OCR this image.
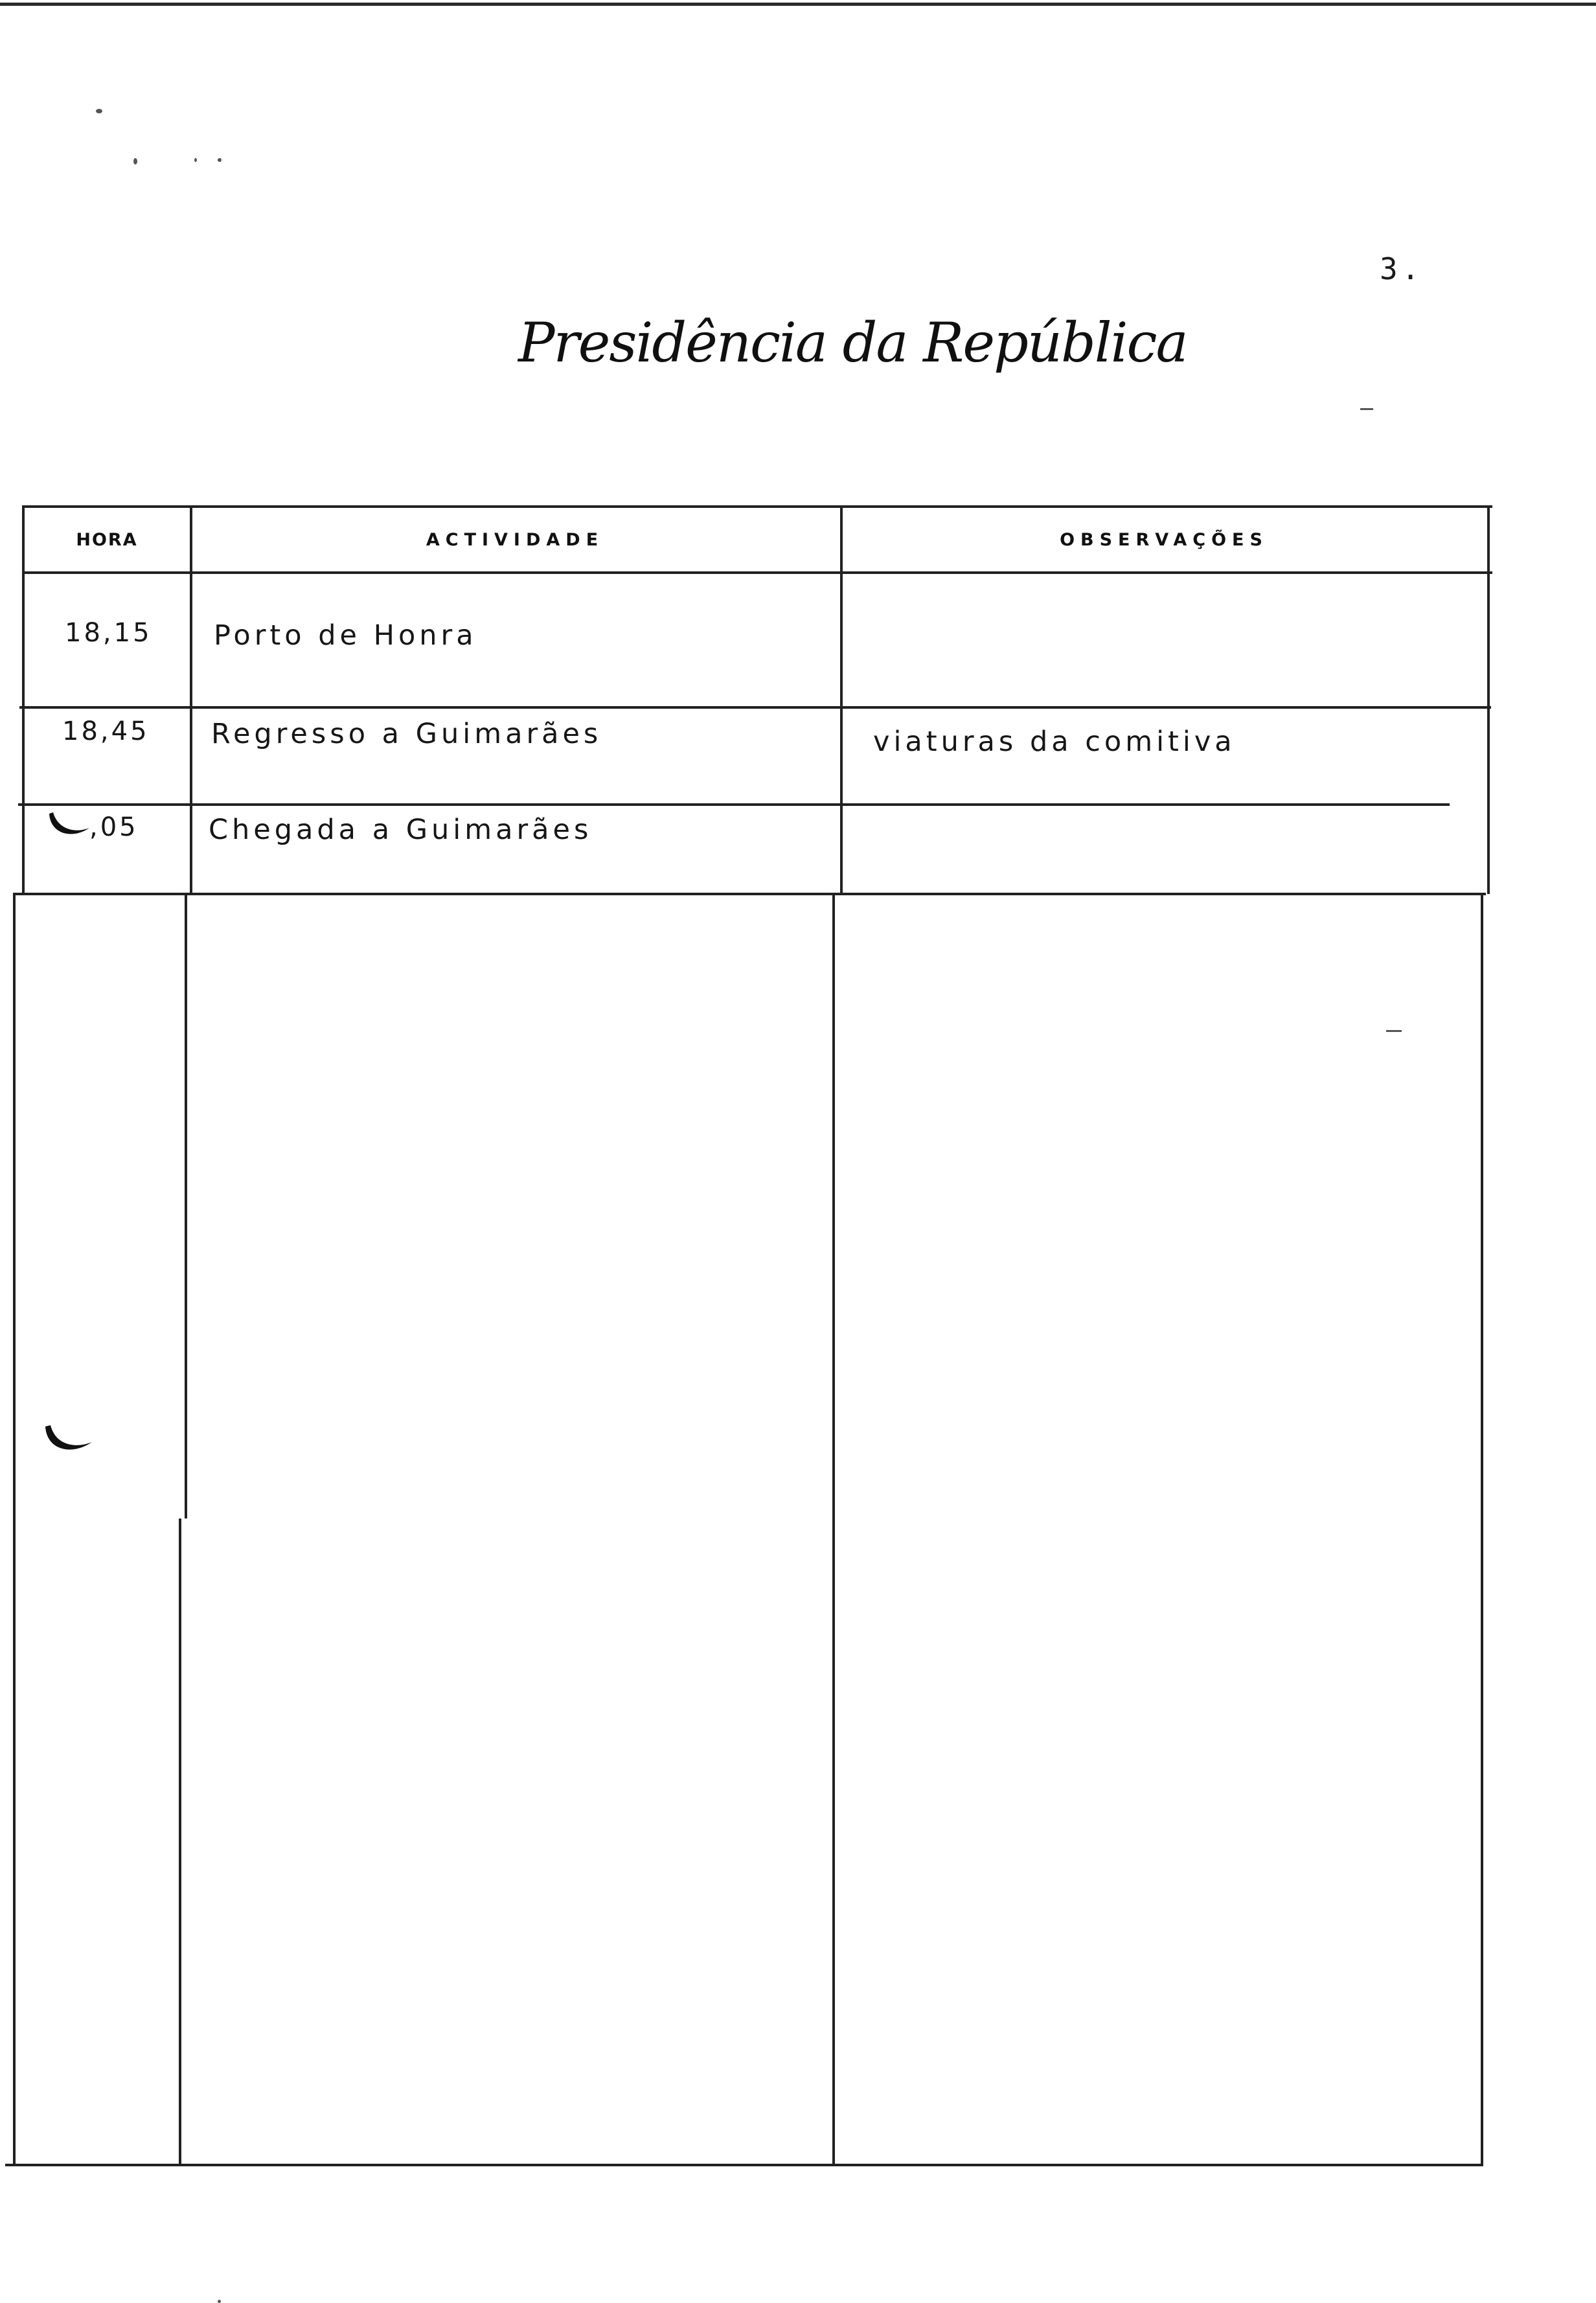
3.
Presidência da República
HORA	ACTIVIDADE	OBSERVAÇÕES
18,15 Porto de Honra
18,45 Regresso a Guimarães	viaturas da comitiva
,05	Chegada a Guimarães
